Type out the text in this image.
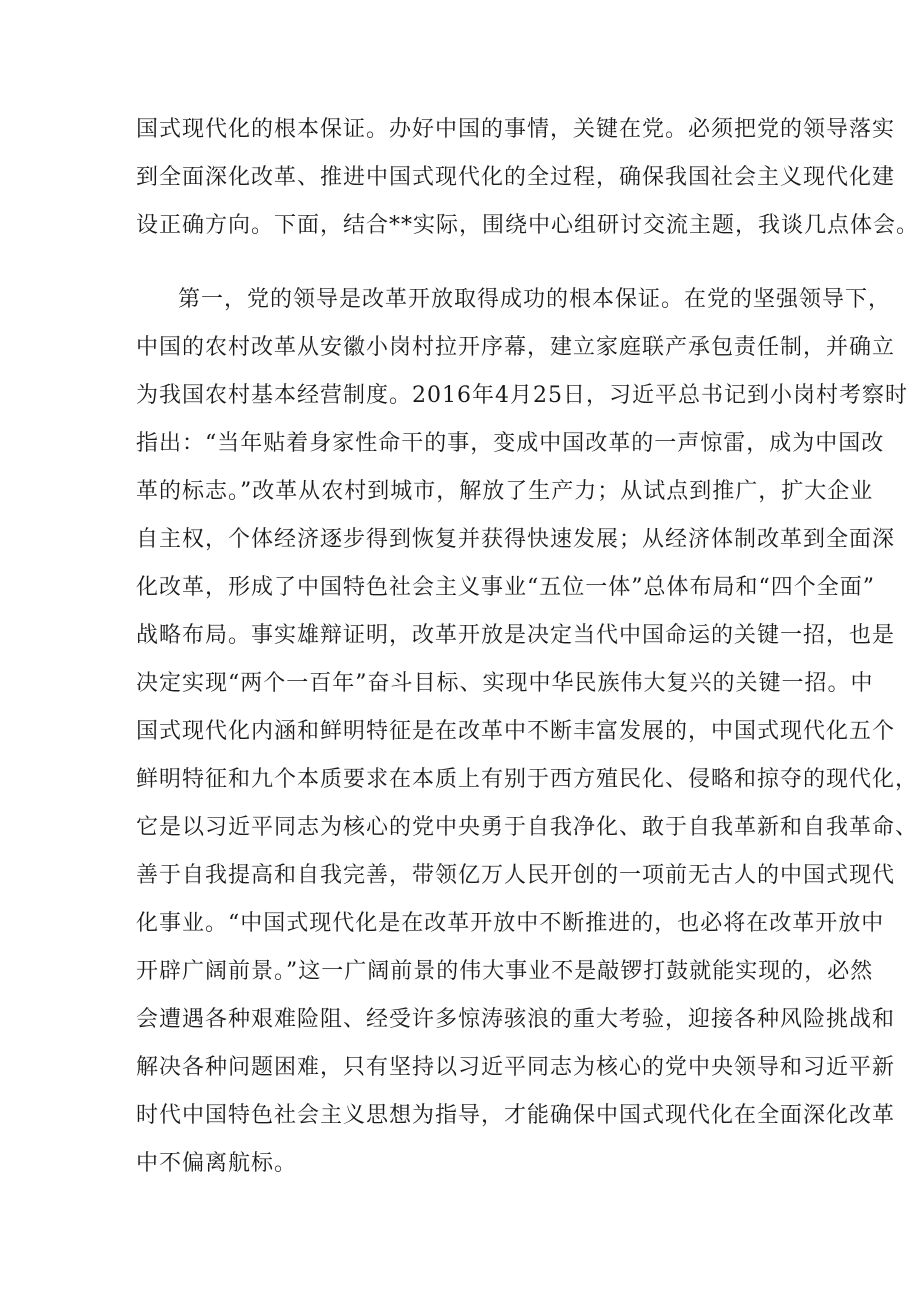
国式现代化的根本保证。办好中国的事情，关键在党。必须把党的领导落实
到全面深化改革、推进中国式现代化的全过程，确保我国社会主义现代化建
设正确方向。下面，结合**实际，围绕中心组研讨交流主题，我谈几点体会。
第一，党的领导是改革开放取得成功的根本保证。在党的坚强领导下，
中国的农村改革从安徽小岗村拉开序幕，建立家庭联产承包责任制，并确立
为我国农村基本经营制度。2016年4月25日，习近平总书记到小岗村考察时
指出：“当年贴着身家性命干的事，变成中国改革的一声惊雷，成为中国改
革的标志。”改革从农村到城市，解放了生产力；从试点到推广，扩大企业
自主权，个体经济逐步得到恢复并获得快速发展；从经济体制改革到全面深
化改革，形成了中国特色社会主义事业“五位一体”总体布局和“四个全面”
战略布局。事实雄辩证明，改革开放是决定当代中国命运的关键一招，也是
决定实现“两个一百年”奋斗目标、实现中华民族伟大复兴的关键一招。中
国式现代化内涵和鲜明特征是在改革中不断丰富发展的，中国式现代化五个
鲜明特征和九个本质要求在本质上有别于西方殖民化、侵略和掠夺的现代化，
它是以习近平同志为核心的党中央勇于自我净化、敢于自我革新和自我革命、
善于自我提高和自我完善，带领亿万人民开创的一项前无古人的中国式现代
化事业。“中国式现代化是在改革开放中不断推进的，也必将在改革开放中
开辟广阔前景。”这一广阔前景的伟大事业不是敲锣打鼓就能实现的，必然
会遭遇各种艰难险阻、经受许多惊涛骇浪的重大考验，迎接各种风险挑战和
解决各种问题困难，只有坚持以习近平同志为核心的党中央领导和习近平新
时代中国特色社会主义思想为指导，才能确保中国式现代化在全面深化改革
中不偏离航标。
